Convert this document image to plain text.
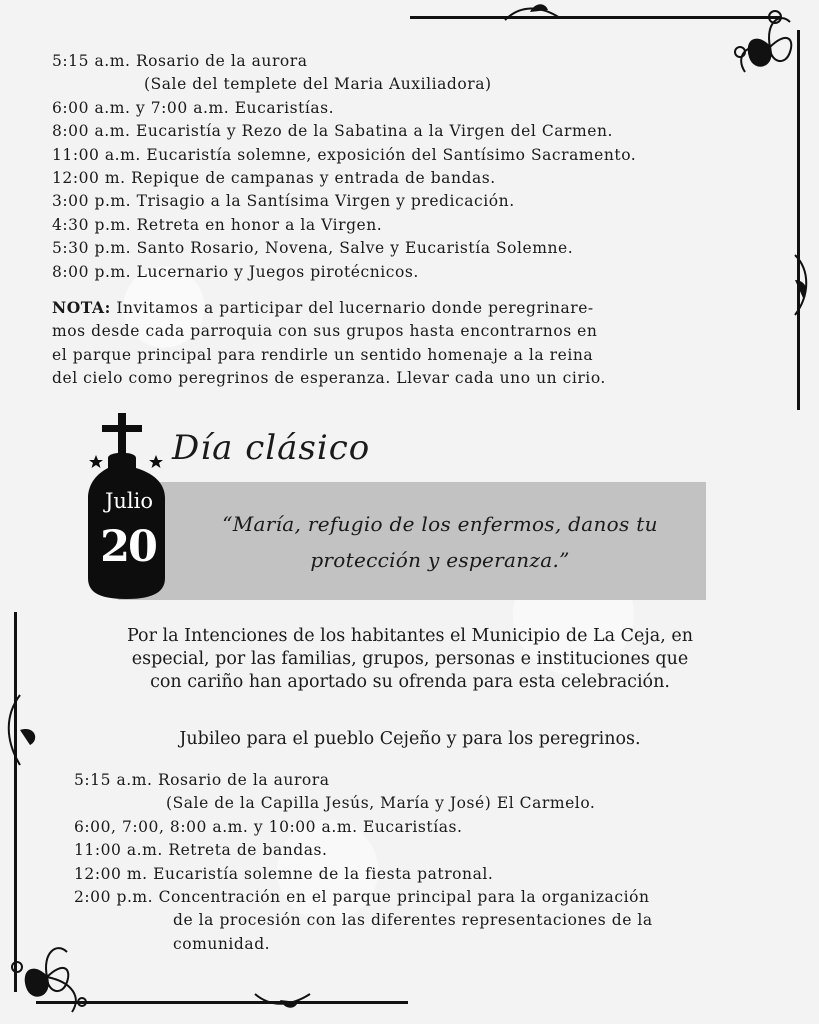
5:15 a.m. Rosario de la aurora
(Sale del templete del Maria Auxiliadora)
6:00 a.m. y 7:00 a.m. Eucaristías.
8:00 a.m. Eucaristía y Rezo de la Sabatina a la Virgen del Carmen.
11:00 a.m. Eucaristía solemne, exposición del Santísimo Sacramento.
12:00 m. Repique de campanas y entrada de bandas.
3:00 p.m. Trisagio a la Santísima Virgen y predicación.
4:30 p.m. Retreta en honor a la Virgen.
5:30 p.m. Santo Rosario, Novena, Salve y Eucaristía Solemne.
8:00 p.m. Lucernario y Juegos pirotécnicos.
NOTA: Invitamos a participar del lucernario donde peregrinare-
mos desde cada parroquia con sus grupos hasta encontrarnos en
el parque principal para rendirle un sentido homenaje a la reina
del cielo como peregrinos de esperanza. Llevar cada uno un cirio.
“María, refugio de los enfermos, danos tu
protección y esperanza.”
Julio
20
Día clásico
Por la Intenciones de los habitantes el Municipio de La Ceja, en
especial, por las familias, grupos, personas e instituciones que
con cariño han aportado su ofrenda para esta celebración.
Jubileo para el pueblo Cejeño y para los peregrinos.
5:15 a.m. Rosario de la aurora
(Sale de la Capilla Jesús, María y José) El Carmelo.
6:00, 7:00, 8:00 a.m. y 10:00 a.m. Eucaristías.
11:00 a.m. Retreta de bandas.
12:00 m. Eucaristía solemne de la fiesta patronal.
2:00 p.m. Concentración en el parque principal para la organización
de la procesión con las diferentes representaciones de la
comunidad.
